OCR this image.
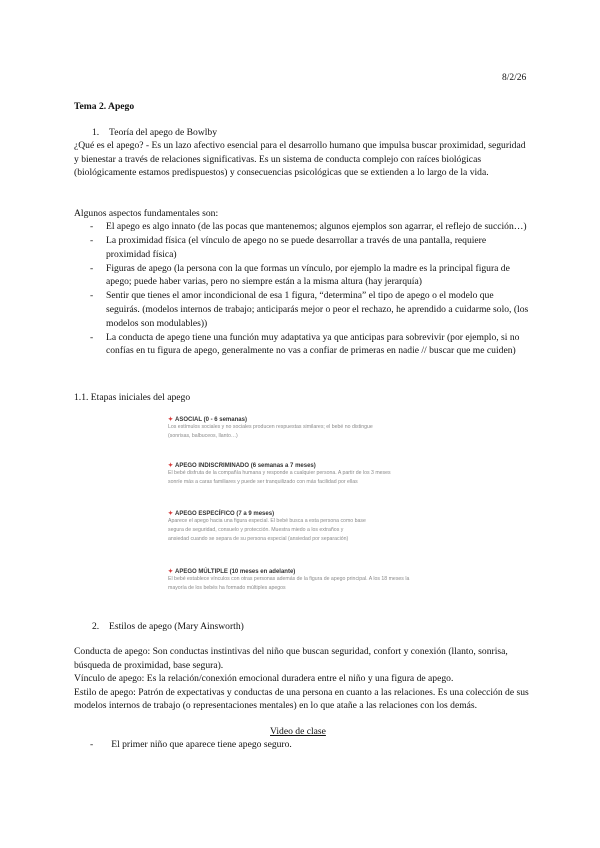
8/2/26
Tema 2. Apego
1. Teoría del apego de Bowlby
¿Qué es el apego? - Es un lazo afectivo esencial para el desarrollo humano que impulsa buscar proximidad, seguridad y bienestar a través de relaciones significativas. Es un sistema de conducta complejo con raíces biológicas (biológicamente estamos predispuestos) y consecuencias psicológicas que se extienden a lo largo de la vida.
Algunos aspectos fundamentales son:
- El apego es algo innato (de las pocas que mantenemos; algunos ejemplos son agarrar, el reflejo de succión…)
- La proximidad física (el vínculo de apego no se puede desarrollar a través de una pantalla, requiere proximidad física)
- Figuras de apego (la persona con la que formas un vínculo, por ejemplo la madre es la principal figura de apego; puede haber varias, pero no siempre están a la misma altura (hay jerarquía)
- Sentir que tienes el amor incondicional de esa 1 figura, “determina” el tipo de apego o el modelo que seguirás. (modelos internos de trabajo; anticiparás mejor o peor el rechazo, he aprendido a cuidarme solo, (los modelos son modulables))
- La conducta de apego tiene una función muy adaptativa ya que anticipas para sobrevivir (por ejemplo, si no confías en tu figura de apego, generalmente no vas a confiar de primeras en nadie // buscar que me cuiden)
1.1. Etapas iniciales del apego
✦ ASOCIAL (0 - 6 semanas)
Los estímulos sociales y no sociales producen respuestas similares; el bebé no distingue
(sonrisas, balbuceos, llanto…)
✦ APEGO INDISCRIMINADO (6 semanas a 7 meses)
El bebé disfruta de la compañía humana y responde a cualquier persona. A partir de los 3 meses
sonríe más a caras familiares y puede ser tranquilizado con más facilidad por ellas
✦ APEGO ESPECÍFICO (7 a 9 meses)
Aparece el apego hacia una figura especial. El bebé busca a esta persona como base
segura de seguridad, consuelo y protección. Muestra miedo a los extraños y
ansiedad cuando se separa de su persona especial (ansiedad por separación)
✦ APEGO MÚLTIPLE (10 meses en adelante)
El bebé establece vínculos con otras personas además de la figura de apego principal. A los 18 meses la
mayoría de los bebés ha formado múltiples apegos
2. Estilos de apego (Mary Ainsworth)
Conducta de apego: Son conductas instintivas del niño que buscan seguridad, confort y conexión (llanto, sonrisa, búsqueda de proximidad, base segura).
Vínculo de apego: Es la relación/conexión emocional duradera entre el niño y una figura de apego.
Estilo de apego: Patrón de expectativas y conductas de una persona en cuanto a las relaciones. Es una colección de sus modelos internos de trabajo (o representaciones mentales) en lo que atañe a las relaciones con los demás.
Video de clase
- El primer niño que aparece tiene apego seguro.
